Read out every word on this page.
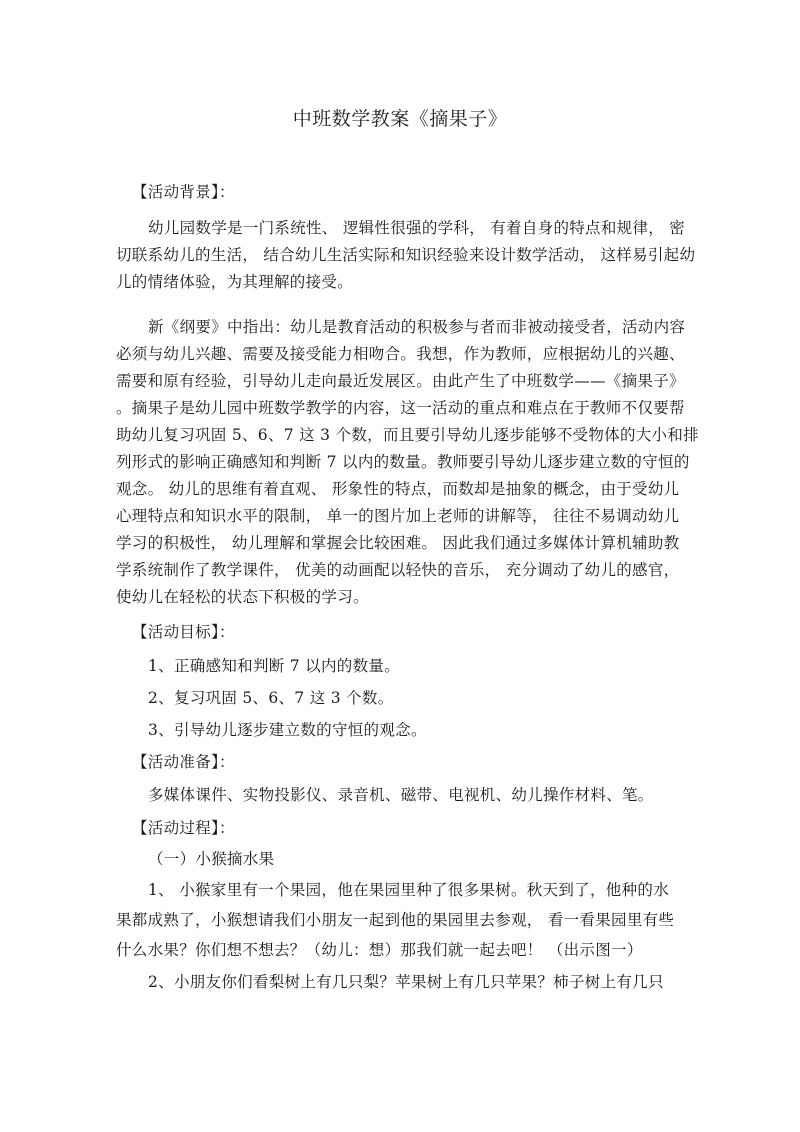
中班数学教案《摘果子》
【活动背景】：
幼儿园数学是一门系统性、 逻辑性很强的学科， 有着自身的特点和规律， 密
切联系幼儿的生活， 结合幼儿生活实际和知识经验来设计数学活动， 这样易引起幼
儿的情绪体验，为其理解的接受。
新《纲要》中指出：幼儿是教育活动的积极参与者而非被动接受者，活动内容
必须与幼儿兴趣、需要及接受能力相吻合。我想，作为教师，应根据幼儿的兴趣、
需要和原有经验，引导幼儿走向最近发展区。由此产生了中班数学——《摘果子》
。摘果子是幼儿园中班数学教学的内容，这一活动的重点和难点在于教师不仅要帮
助幼儿复习巩固 5、6、7 这 3 个数，而且要引导幼儿逐步能够不受物体的大小和排
列形式的影响正确感知和判断 7 以内的数量。教师要引导幼儿逐步建立数的守恒的
观念。 幼儿的思维有着直观、 形象性的特点，而数却是抽象的概念，由于受幼儿
心理特点和知识水平的限制， 单一的图片加上老师的讲解等， 往往不易调动幼儿
学习的积极性， 幼儿理解和掌握会比较困难。 因此我们通过多媒体计算机辅助教
学系统制作了教学课件， 优美的动画配以轻快的音乐， 充分调动了幼儿的感官，
使幼儿在轻松的状态下积极的学习。
【活动目标】：
1、正确感知和判断 7 以内的数量。
2、复习巩固 5、6、7 这 3 个数。
3、引导幼儿逐步建立数的守恒的观念。
【活动准备】：
多媒体课件、实物投影仪、录音机、磁带、电视机、幼儿操作材料、笔。
【活动过程】：
（一）小猴摘水果
1、 小猴家里有一个果园，他在果园里种了很多果树。秋天到了，他种的水
果都成熟了，小猴想请我们小朋友一起到他的果园里去参观， 看一看果园里有些
什么水果？你们想不想去？（幼儿：想）那我们就一起去吧！ （出示图一）
2、小朋友你们看梨树上有几只梨？苹果树上有几只苹果？柿子树上有几只
